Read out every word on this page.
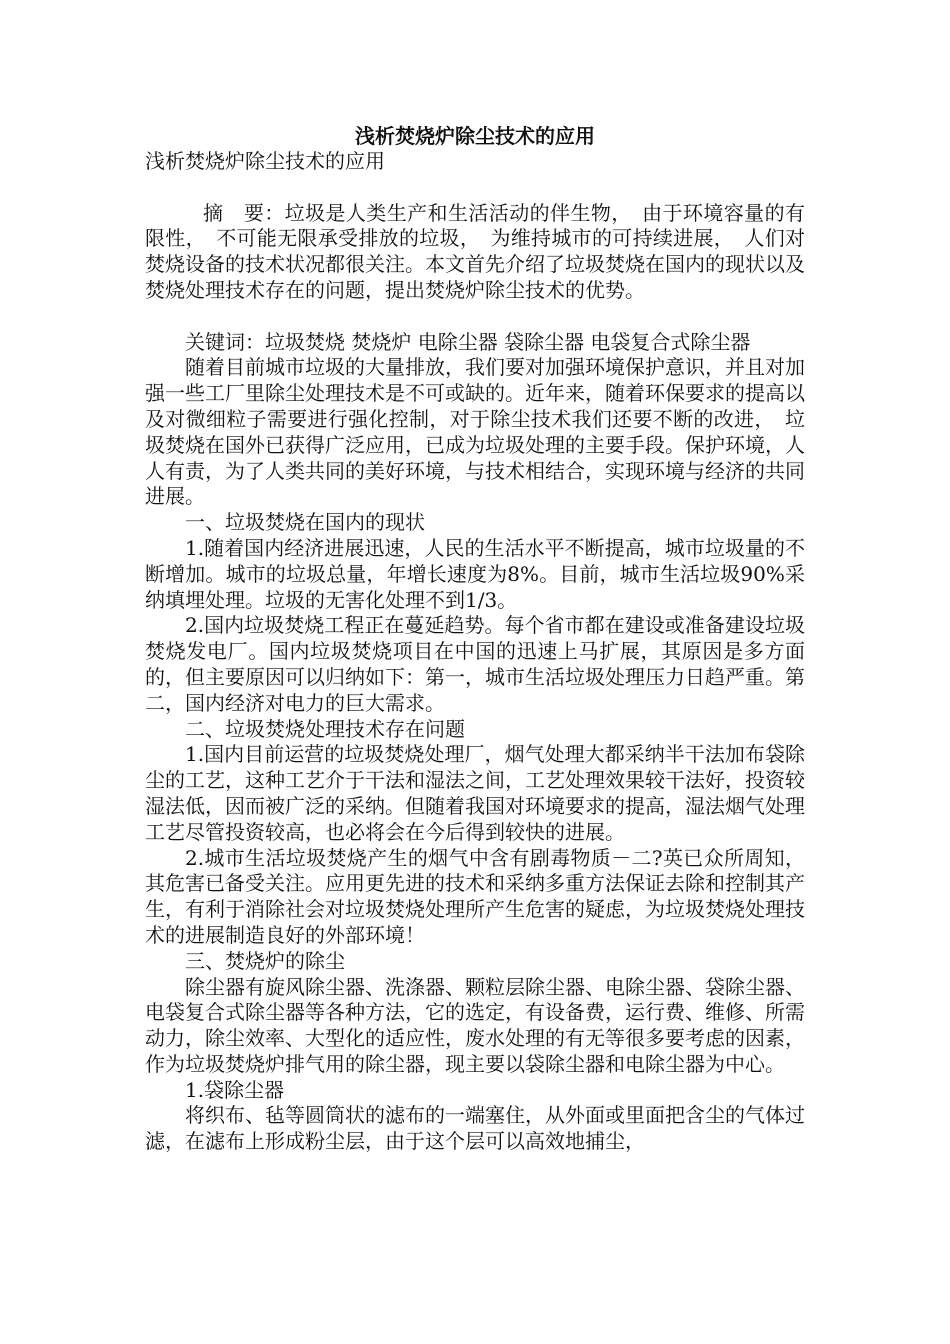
浅析焚烧炉除尘技术的应用

浅析焚烧炉除尘技术的应用

摘　要：垃圾是人类生产和生活活动的伴生物，　由于环境容量的有限性，　不可能无限承受排放的垃圾，　为维持城市的可持续进展，　人们对焚烧设备的技术状况都很关注。本文首先介绍了垃圾焚烧在国内的现状以及焚烧处理技术存在的问题，提出焚烧炉除尘技术的优势。

关键词：垃圾焚烧 焚烧炉 电除尘器 袋除尘器 电袋复合式除尘器

随着目前城市垃圾的大量排放，我们要对加强环境保护意识，并且对加强一些工厂里除尘处理技术是不可或缺的。近年来，随着环保要求的提高以及对微细粒子需要进行强化控制，对于除尘技术我们还要不断的改进，　垃圾焚烧在国外已获得广泛应用，已成为垃圾处理的主要手段。保护环境，人人有责，为了人类共同的美好环境，与技术相结合，实现环境与经济的共同进展。

一、垃圾焚烧在国内的现状

1.随着国内经济进展迅速，人民的生活水平不断提高，城市垃圾量的不断增加。城市的垃圾总量，年增长速度为8%。目前，城市生活垃圾90%采纳填埋处理。垃圾的无害化处理不到1/3。

2.国内垃圾焚烧工程正在蔓延趋势。每个省市都在建设或准备建设垃圾焚烧发电厂。国内垃圾焚烧项目在中国的迅速上马扩展，其原因是多方面的，但主要原因可以归纳如下：第一，城市生活垃圾处理压力日趋严重。第二，国内经济对电力的巨大需求。

二、垃圾焚烧处理技术存在问题

1.国内目前运营的垃圾焚烧处理厂，烟气处理大都采纳半干法加布袋除尘的工艺，这种工艺介于干法和湿法之间，工艺处理效果较干法好，投资较湿法低，因而被广泛的采纳。但随着我国对环境要求的提高，湿法烟气处理工艺尽管投资较高，也必将会在今后得到较快的进展。

2.城市生活垃圾焚烧产生的烟气中含有剧毒物质－二?英已众所周知，其危害已备受关注。应用更先进的技术和采纳多重方法保证去除和控制其产生，有利于消除社会对垃圾焚烧处理所产生危害的疑虑，为垃圾焚烧处理技术的进展制造良好的外部环境！

三、焚烧炉的除尘

除尘器有旋风除尘器、洗涤器、颗粒层除尘器、电除尘器、袋除尘器、电袋复合式除尘器等各种方法，它的选定，有设备费，运行费、维修、所需动力，除尘效率、大型化的适应性，废水处理的有无等很多要考虑的因素，作为垃圾焚烧炉排气用的除尘器，现主要以袋除尘器和电除尘器为中心。

1.袋除尘器

将织布、毡等圆筒状的滤布的一端塞住，从外面或里面把含尘的气体过滤，在滤布上形成粉尘层，由于这个层可以高效地捕尘，
